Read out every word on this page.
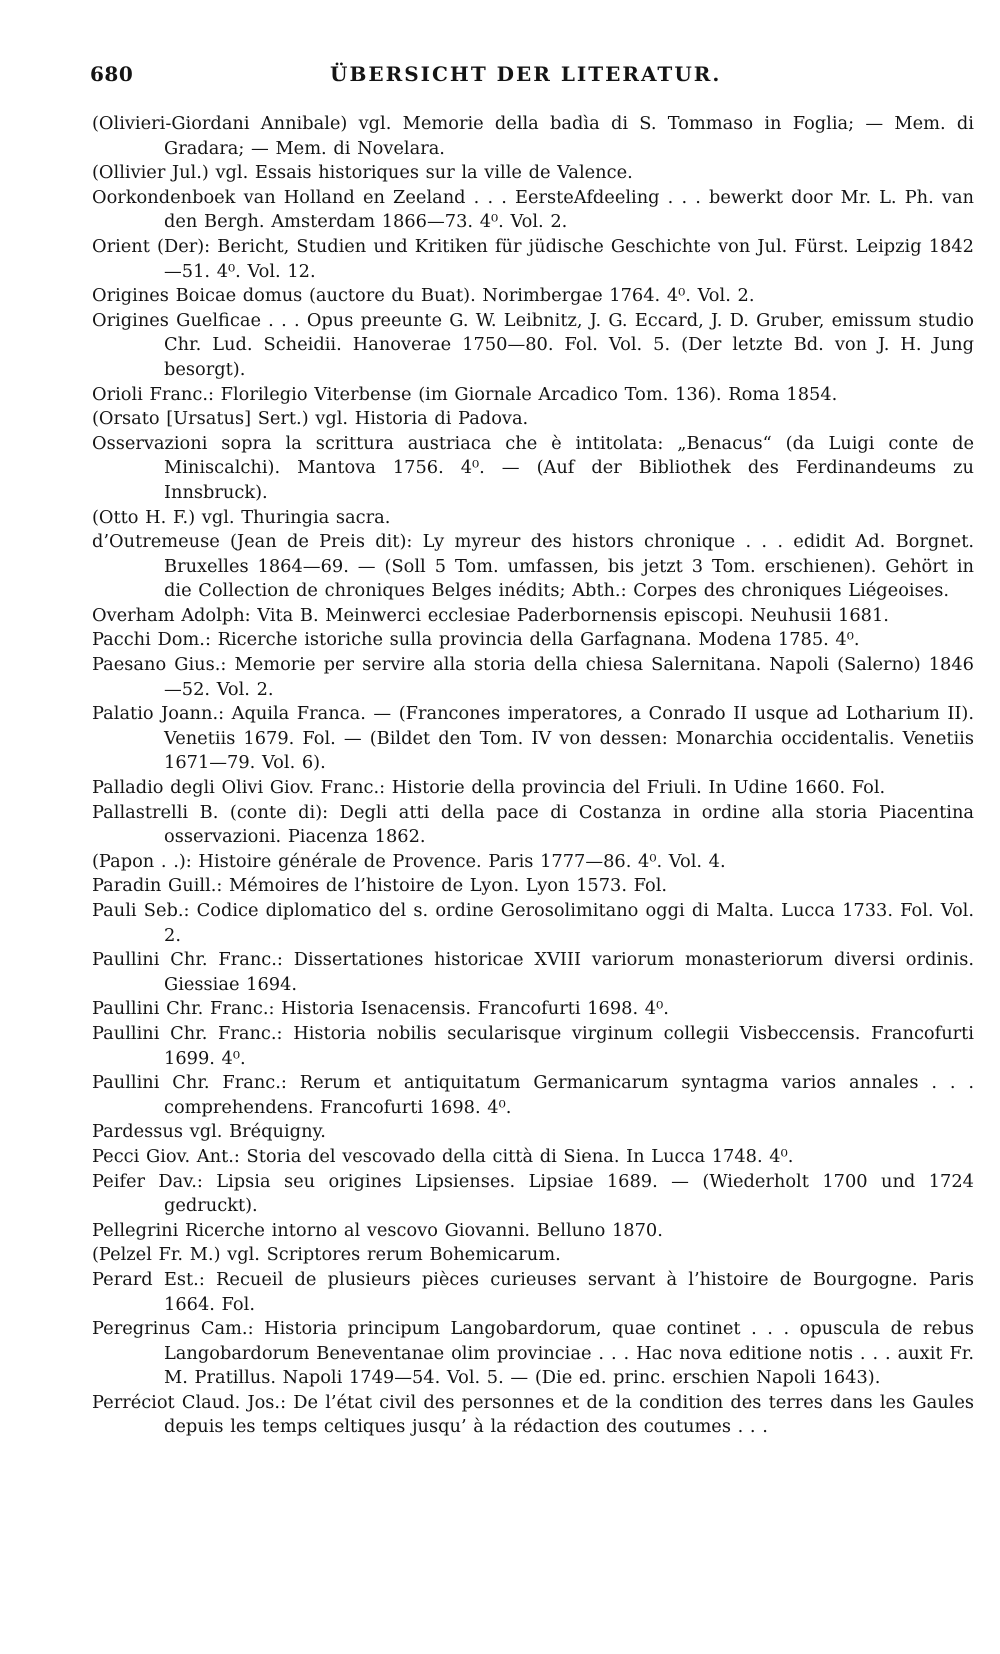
680	ÜBERSICHT DER LITERATUR.
(Olivieri-Giordani Annibale) vgl. Memorie della badìa di S. Tommaso in Foglia; — Mem. di Gradara; — Mem. di Novelara.
(Ollivier Jul.) vgl. Essais historiques sur la ville de Valence.
Oorkondenboek van Holland en Zeeland . . . EersteAfdeeling . . . bewerkt door Mr. L. Ph. van den Bergh. Amsterdam 1866—73. 4⁰. Vol. 2.
Orient (Der): Bericht, Studien und Kritiken für jüdische Geschichte von Jul. Fürst. Leipzig 1842—51. 4⁰. Vol. 12.
Origines Boicae domus (auctore du Buat). Norimbergae 1764. 4⁰. Vol. 2.
Origines Guelficae . . . Opus preeunte G. W. Leibnitz, J. G. Eccard, J. D. Gruber, emissum studio Chr. Lud. Scheidii. Hanoverae 1750—80. Fol. Vol. 5. (Der letzte Bd. von J. H. Jung besorgt).
Orioli Franc.: Florilegio Viterbense (im Giornale Arcadico Tom. 136). Roma 1854.
(Orsato [Ursatus] Sert.) vgl. Historia di Padova.
Osservazioni sopra la scrittura austriaca che è intitolata: „Benacus“ (da Luigi conte de Miniscalchi). Mantova 1756. 4⁰. — (Auf der Bibliothek des Ferdinandeums zu Innsbruck).
(Otto H. F.) vgl. Thuringia sacra.
d’Outremeuse (Jean de Preis dit): Ly myreur des histors chronique . . . edidit Ad. Borgnet. Bruxelles 1864—69. — (Soll 5 Tom. umfassen, bis jetzt 3 Tom. erschienen). Gehört in die Collection de chroniques Belges inédits; Abth.: Corpes des chroniques Liégeoises.
Overham Adolph: Vita B. Meinwerci ecclesiae Paderbornensis episcopi. Neuhusii 1681.
Pacchi Dom.: Ricerche istoriche sulla provincia della Garfagnana. Modena 1785. 4⁰.
Paesano Gius.: Memorie per servire alla storia della chiesa Salernitana. Napoli (Salerno) 1846—52. Vol. 2.
Palatio Joann.: Aquila Franca. — (Francones imperatores, a Conrado II usque ad Lotharium II). Venetiis 1679. Fol. — (Bildet den Tom. IV von dessen: Monarchia occidentalis. Venetiis 1671—79. Vol. 6).
Palladio degli Olivi Giov. Franc.: Historie della provincia del Friuli. In Udine 1660. Fol.
Pallastrelli B. (conte di): Degli atti della pace di Costanza in ordine alla storia Piacentina osservazioni. Piacenza 1862.
(Papon . .): Histoire générale de Provence. Paris 1777—86. 4⁰. Vol. 4.
Paradin Guill.: Mémoires de l’histoire de Lyon. Lyon 1573. Fol.
Pauli Seb.: Codice diplomatico del s. ordine Gerosolimitano oggi di Malta. Lucca 1733. Fol. Vol. 2.
Paullini Chr. Franc.: Dissertationes historicae XVIII variorum monasteriorum diversi ordinis. Giessiae 1694.
Paullini Chr. Franc.: Historia Isenacensis. Francofurti 1698. 4⁰.
Paullini Chr. Franc.: Historia nobilis secularisque virginum collegii Visbeccensis. Francofurti 1699. 4⁰.
Paullini Chr. Franc.: Rerum et antiquitatum Germanicarum syntagma varios annales . . . comprehendens. Francofurti 1698. 4⁰.
Pardessus vgl. Bréquigny.
Pecci Giov. Ant.: Storia del vescovado della città di Siena. In Lucca 1748. 4⁰.
Peifer Dav.: Lipsia seu origines Lipsienses. Lipsiae 1689. — (Wiederholt 1700 und 1724 gedruckt).
Pellegrini Ricerche intorno al vescovo Giovanni. Belluno 1870.
(Pelzel Fr. M.) vgl. Scriptores rerum Bohemicarum.
Perard Est.: Recueil de plusieurs pièces curieuses servant à l’histoire de Bourgogne. Paris 1664. Fol.
Peregrinus Cam.: Historia principum Langobardorum, quae continet . . . opuscula de rebus Langobardorum Beneventanae olim provinciae . . . Hac nova editione notis . . . auxit Fr. M. Pratillus. Napoli 1749—54. Vol. 5. — (Die ed. princ. erschien Napoli 1643).
Perréciot Claud. Jos.: De l’état civil des personnes et de la condition des terres dans les Gaules depuis les temps celtiques jusqu’ à la rédaction des coutumes . . .
